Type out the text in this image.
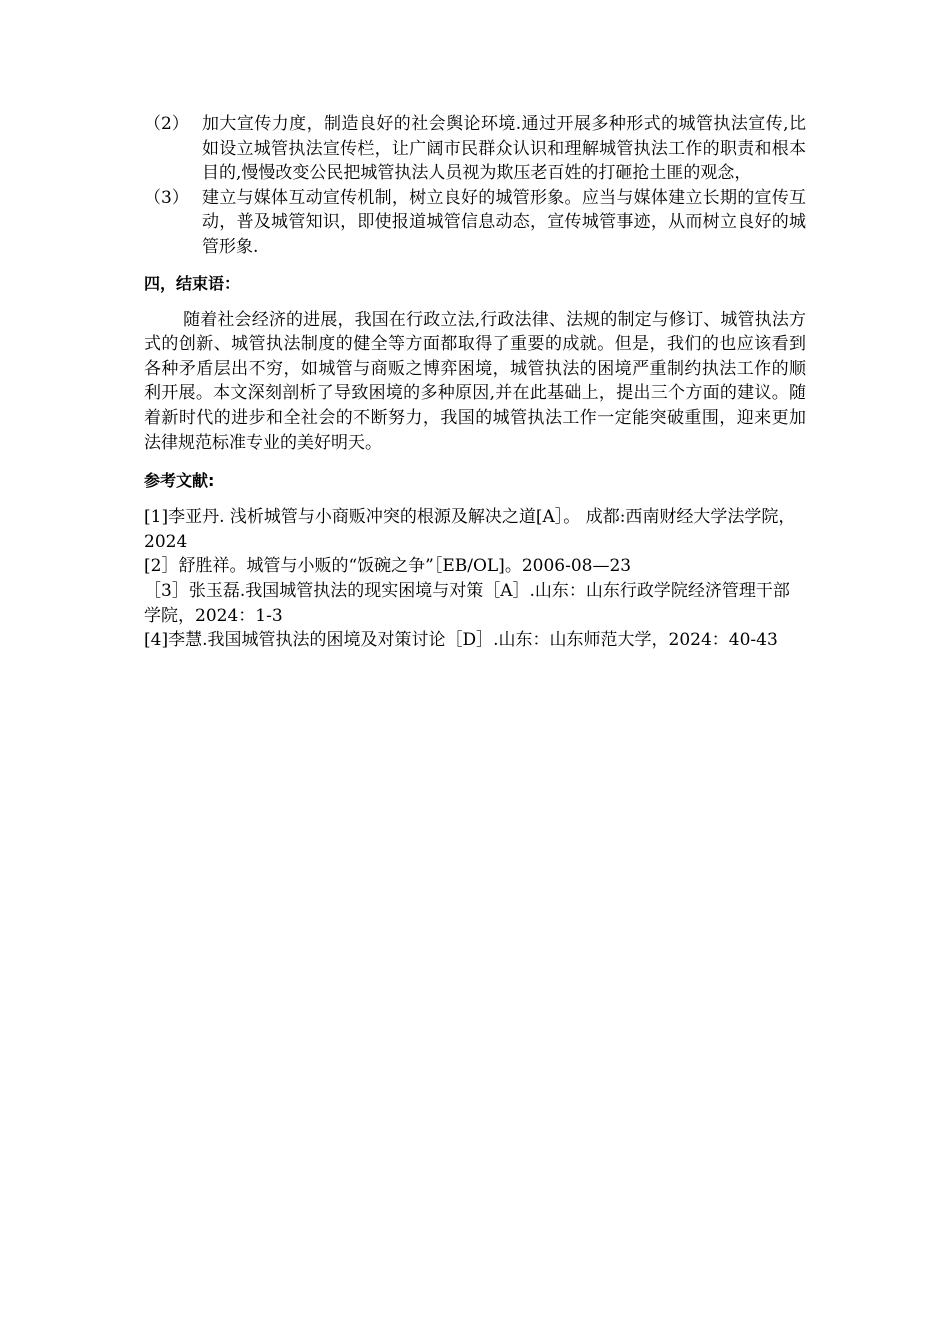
（2） 加大宣传力度，制造良好的社会舆论环境.通过开展多种形式的城管执法宣传,比如设立城管执法宣传栏，让广阔市民群众认识和理解城管执法工作的职责和根本目的,慢慢改变公民把城管执法人员视为欺压老百姓的打砸抢土匪的观念，
（3） 建立与媒体互动宣传机制，树立良好的城管形象。应当与媒体建立长期的宣传互动，普及城管知识，即使报道城管信息动态，宣传城管事迹，从而树立良好的城管形象.
四，结束语：

随着社会经济的进展，我国在行政立法,行政法律、法规的制定与修订、城管执法方式的创新、城管执法制度的健全等方面都取得了重要的成就。但是，我们的也应该看到各种矛盾层出不穷，如城管与商贩之博弈困境，城管执法的困境严重制约执法工作的顺利开展。本文深刻剖析了导致困境的多种原因,并在此基础上，提出三个方面的建议。随着新时代的进步和全社会的不断努力，我国的城管执法工作一定能突破重围，迎来更加法律规范标准专业的美好明天。

参考文献:

[1]李亚丹. 浅析城管与小商贩冲突的根源及解决之道[A］。 成都:西南财经大学法学院，　2024

[2］舒胜祥。城管与小贩的“饭碗之争”［EB/OL]。2006-08—23

［3］张玉磊.我国城管执法的现实困境与对策［A］.山东：山东行政学院经济管理干部学院，2024：1-3

[4]李慧.我国城管执法的困境及对策讨论［D］.山东：山东师范大学，2024：40-43
